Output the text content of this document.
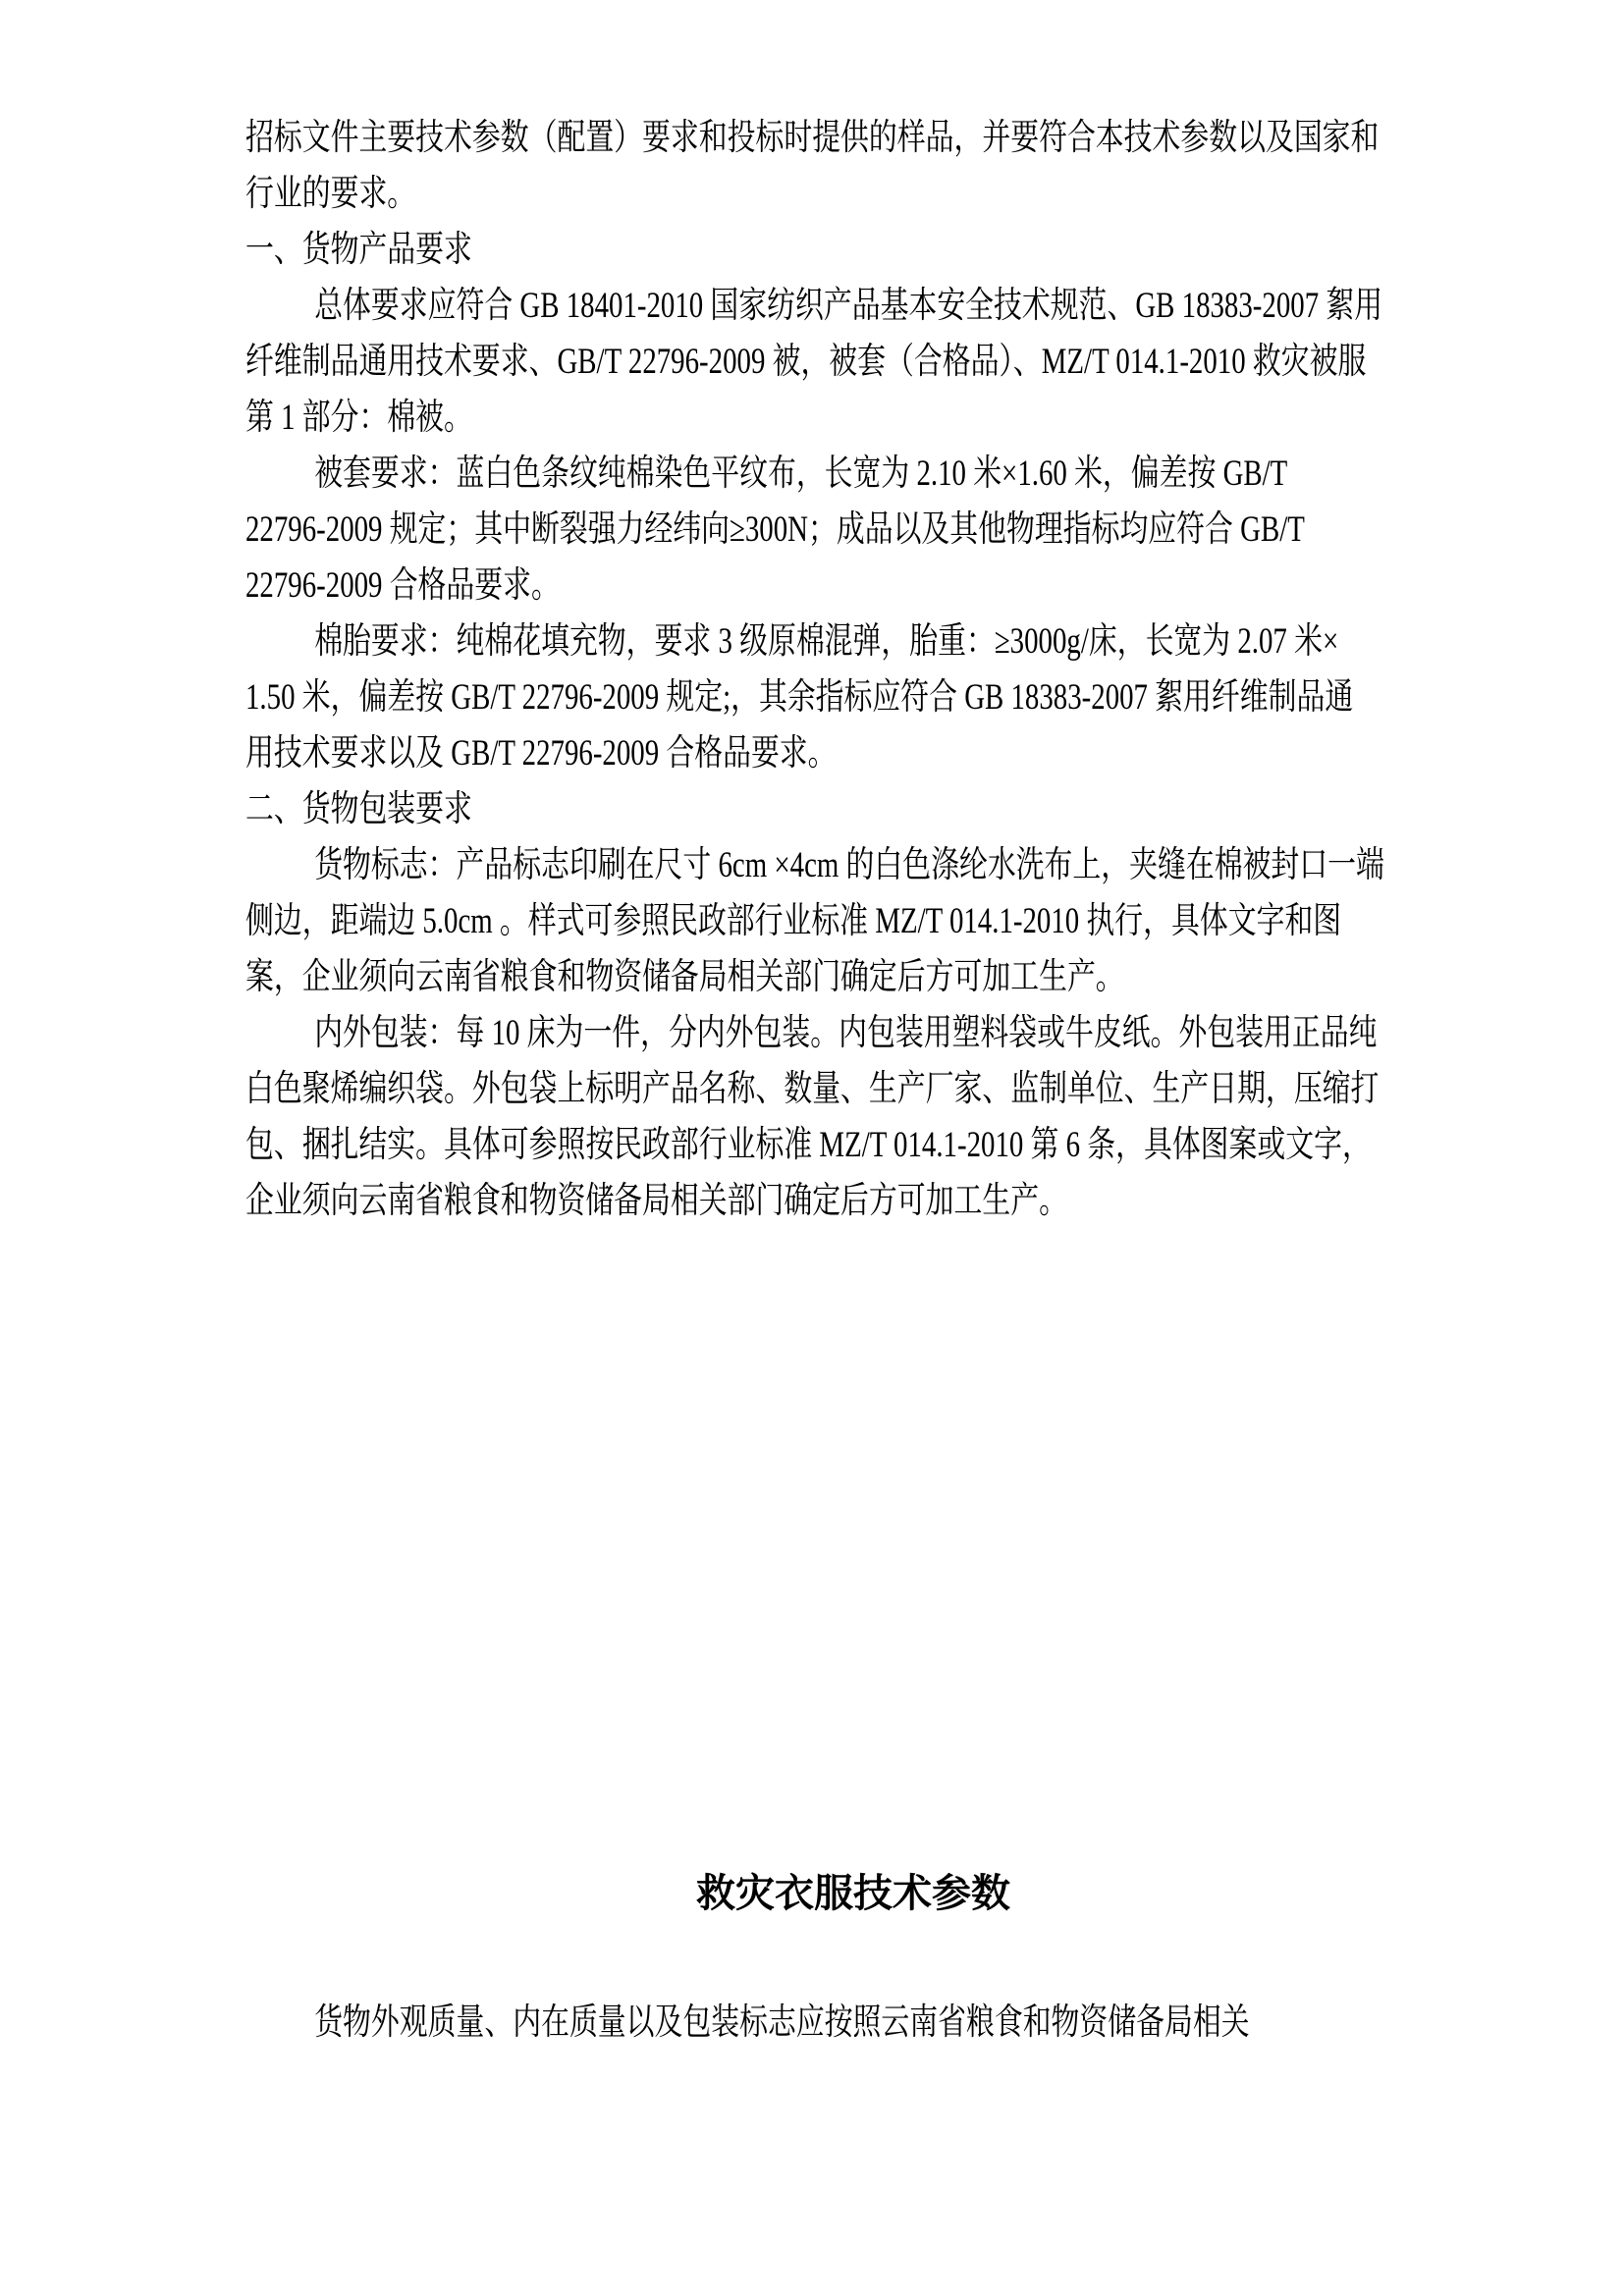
招标文件主要技术参数（配置）要求和投标时提供的样品，并要符合本技术参数以及国家和
行业的要求。
一、货物产品要求
总体要求应符合 GB 18401-2010 国家纺织产品基本安全技术规范、GB 18383-2007 絮用
纤维制品通用技术要求、GB/T 22796-2009 被，被套（合格品）、MZ/T 014.1-2010 救灾被服
第 1 部分：棉被。
被套要求：蓝白色条纹纯棉染色平纹布，长宽为 2.10 米×1.60 米，偏差按 GB/T
22796-2009 规定；其中断裂强力经纬向≥300N；成品以及其他物理指标均应符合 GB/T
22796-2009 合格品要求。
棉胎要求：纯棉花填充物，要求 3 级原棉混弹，胎重：≥3000g/床，长宽为 2.07 米×
1.50 米，偏差按 GB/T 22796-2009 规定;，其余指标应符合 GB 18383-2007 絮用纤维制品通
用技术要求以及 GB/T 22796-2009 合格品要求。
二、货物包装要求
货物标志：产品标志印刷在尺寸 6cm ×4cm 的白色涤纶水洗布上，夹缝在棉被封口一端
侧边，距端边 5.0cm 。样式可参照民政部行业标准 MZ/T 014.1-2010 执行，具体文字和图
案，企业须向云南省粮食和物资储备局相关部门确定后方可加工生产。
内外包装：每 10 床为一件，分内外包装。内包装用塑料袋或牛皮纸。外包装用正品纯
白色聚烯编织袋。外包袋上标明产品名称、数量、生产厂家、监制单位、生产日期，压缩打
包、捆扎结实。具体可参照按民政部行业标准 MZ/T 014.1-2010 第 6 条，具体图案或文字，
企业须向云南省粮食和物资储备局相关部门确定后方可加工生产。
救灾衣服技术参数
货物外观质量、内在质量以及包装标志应按照云南省粮食和物资储备局相关
